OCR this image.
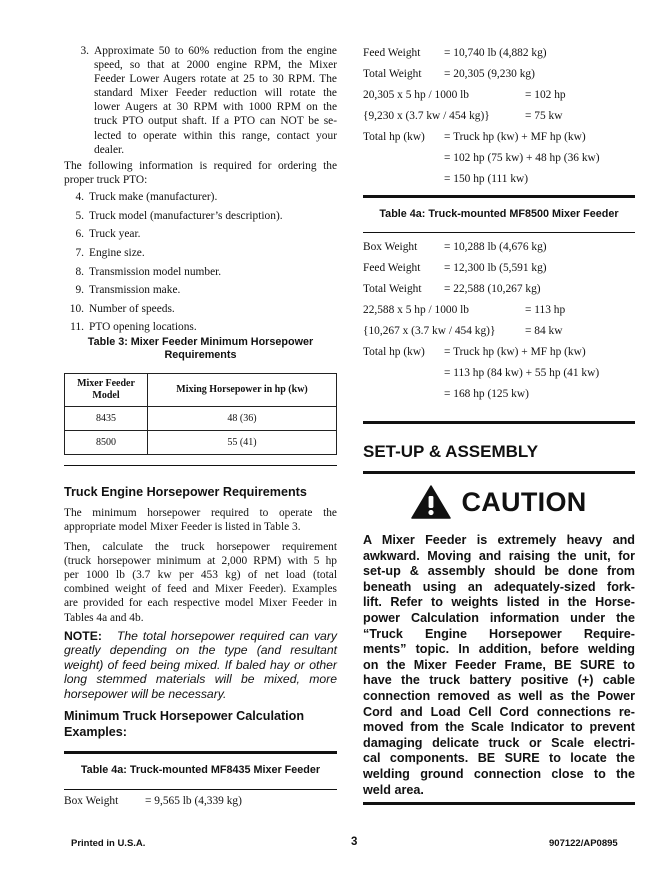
3. Approximate 50 to 60% reduction from the engine
speed, so that at 2000 engine RPM, the Mixer
Feeder Lower Augers rotate at 25 to 30 RPM. The
standard Mixer Feeder reduction will rotate the
lower Augers at 30 RPM with 1000 RPM on the
truck PTO output shaft. If a PTO can NOT be se-
lected to operate within this range, contact your
dealer.
The following information is required for ordering the
proper truck PTO:
4. Truck make (manufacturer).
5. Truck model (manufacturer’s description).
6. Truck year.
7. Engine size.
8. Transmission model number.
9. Transmission make.
10. Number of speeds.
11. PTO opening locations.
Table 3: Mixer Feeder Minimum Horsepower
Requirements
Mixer Feeder
Model	Mixing Horsepower in hp (kw)
8435	48 (36)
8500	55 (41)
Truck Engine Horsepower Requirements
The minimum horsepower required to operate the
appropriate model Mixer Feeder is listed in Table 3.
Then, calculate the truck horsepower requirement
(truck horsepower minimum at 2,000 RPM) with 5 hp
per 1000 lb (3.7 kw per 453 kg) of net load (total
combined weight of feed and Mixer Feeder). Examples
are provided for each respective model Mixer Feeder in
Tables 4a and 4b.
NOTE: The total horsepower required can vary
greatly depending on the type (and resultant
weight) of feed being mixed. If baled hay or other
long stemmed materials will be mixed, more
horsepower will be necessary.
Minimum Truck Horsepower Calculation
Examples:
Table 4a: Truck-mounted MF8435 Mixer Feeder
Box Weight = 9,565 lb (4,339 kg)
Feed Weight = 10,740 lb (4,882 kg)
Total Weight = 20,305 (9,230 kg)
20,305 x 5 hp / 1000 lb	= 102 hp
{9,230 x (3.7 kw / 454 kg)}	= 75 kw
Total hp (kw) = Truck hp (kw) + MF hp (kw)
= 102 hp (75 kw) + 48 hp (36 kw)
= 150 hp (111 kw)
Table 4a: Truck-mounted MF8500 Mixer Feeder
Box Weight = 10,288 lb (4,676 kg)
Feed Weight = 12,300 lb (5,591 kg)
Total Weight = 22,588 (10,267 kg)
22,588 x 5 hp / 1000 lb	= 113 hp
{10,267 x (3.7 kw / 454 kg)}	= 84 kw
Total hp (kw) = Truck hp (kw) + MF hp (kw)
= 113 hp (84 kw) + 55 hp (41 kw)
= 168 hp (125 kw)
SET-UP & ASSEMBLY
CAUTION
A Mixer Feeder is extremely heavy and
awkward. Moving and raising the unit, for
set-up & assembly should be done from
beneath using an adequately-sized fork-
lift. Refer to weights listed in the Horse-
power Calculation information under the
“Truck Engine Horsepower Require-
ments” topic. In addition, before welding
on the Mixer Feeder Frame, BE SURE to
have the truck battery positive (+) cable
connection removed as well as the Power
Cord and Load Cell Cord connections re-
moved from the Scale Indicator to prevent
damaging delicate truck or Scale electri-
cal components. BE SURE to locate the
welding ground connection close to the
weld area.
Printed in U.S.A.	3	907122/AP0895
